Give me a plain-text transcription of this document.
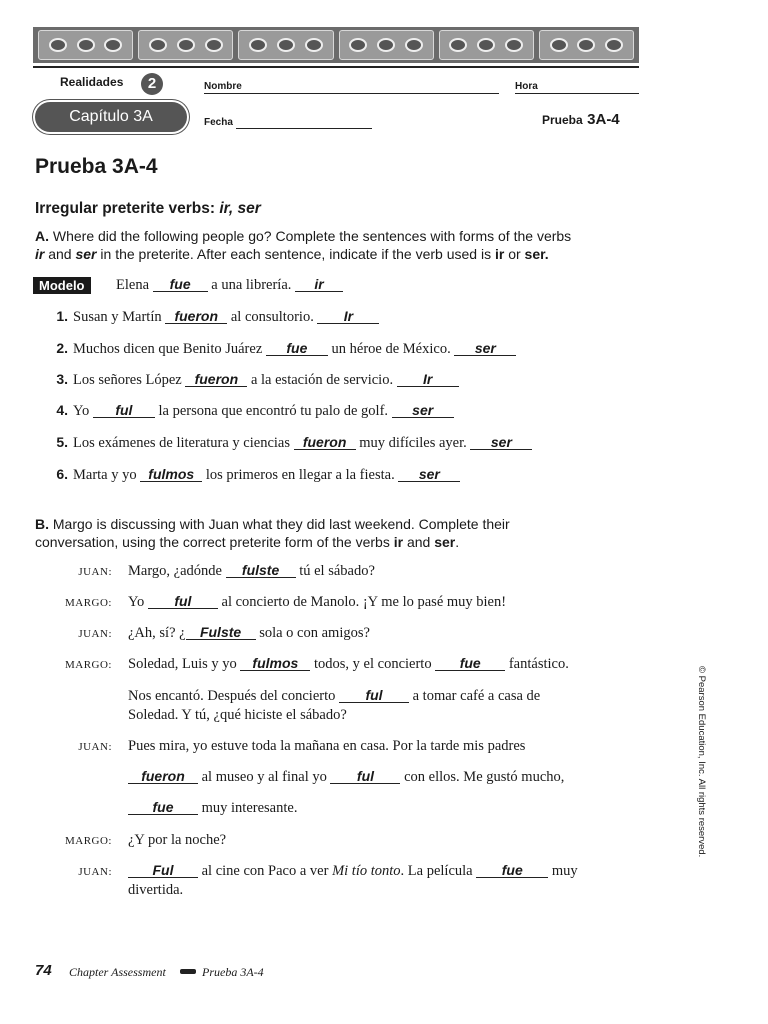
Realidades	2	Nombre	Hora
Capítulo 3A	Fecha	Prueba 3A-4
Prueba 3A-4
Irregular preterite verbs: ir, ser
A. Where did the following people go? Complete the sentences with forms of the verbs
ir and ser in the preterite. After each sentence, indicate if the verb used is ir or ser.
Modelo	Elena fue a una librería. ir
1. Susan y Martín fueron al consultorio. Ir
2. Muchos dicen que Benito Juárez fue un héroe de México. ser
3. Los señores López fueron a la estación de servicio. Ir
4. Yo ful la persona que encontró tu palo de golf. ser
5. Los exámenes de literatura y ciencias fueron muy difíciles ayer. ser
6. Marta y yo fulmos los primeros en llegar a la fiesta. ser
B. Margo is discussing with Juan what they did last weekend. Complete their
conversation, using the correct preterite form of the verbs ir and ser.
JUAN: Margo, ¿adónde fulste tú el sábado?
MARGO: Yo ful al concierto de Manolo. ¡Y me lo pasé muy bien!
JUAN: ¿Ah, sí? ¿ Fulste sola o con amigos?
MARGO: Soledad, Luis y yo fulmos todos, y el concierto fue fantástico.
Nos encantó. Después del concierto ful a tomar café a casa de
Soledad. Y tú, ¿qué hiciste el sábado?
JUAN: Pues mira, yo estuve toda la mañana en casa. Por la tarde mis padres
fueron al museo y al final yo ful con ellos. Me gustó mucho,
fue muy interesante.
MARGO: ¿Y por la noche?
JUAN:	Ful al cine con Paco a ver Mi tío tonto. La película fue muy
divertida.
© Pearson Education, Inc. All rights reserved.
74 Chapter Assessment	Prueba 3A-4
